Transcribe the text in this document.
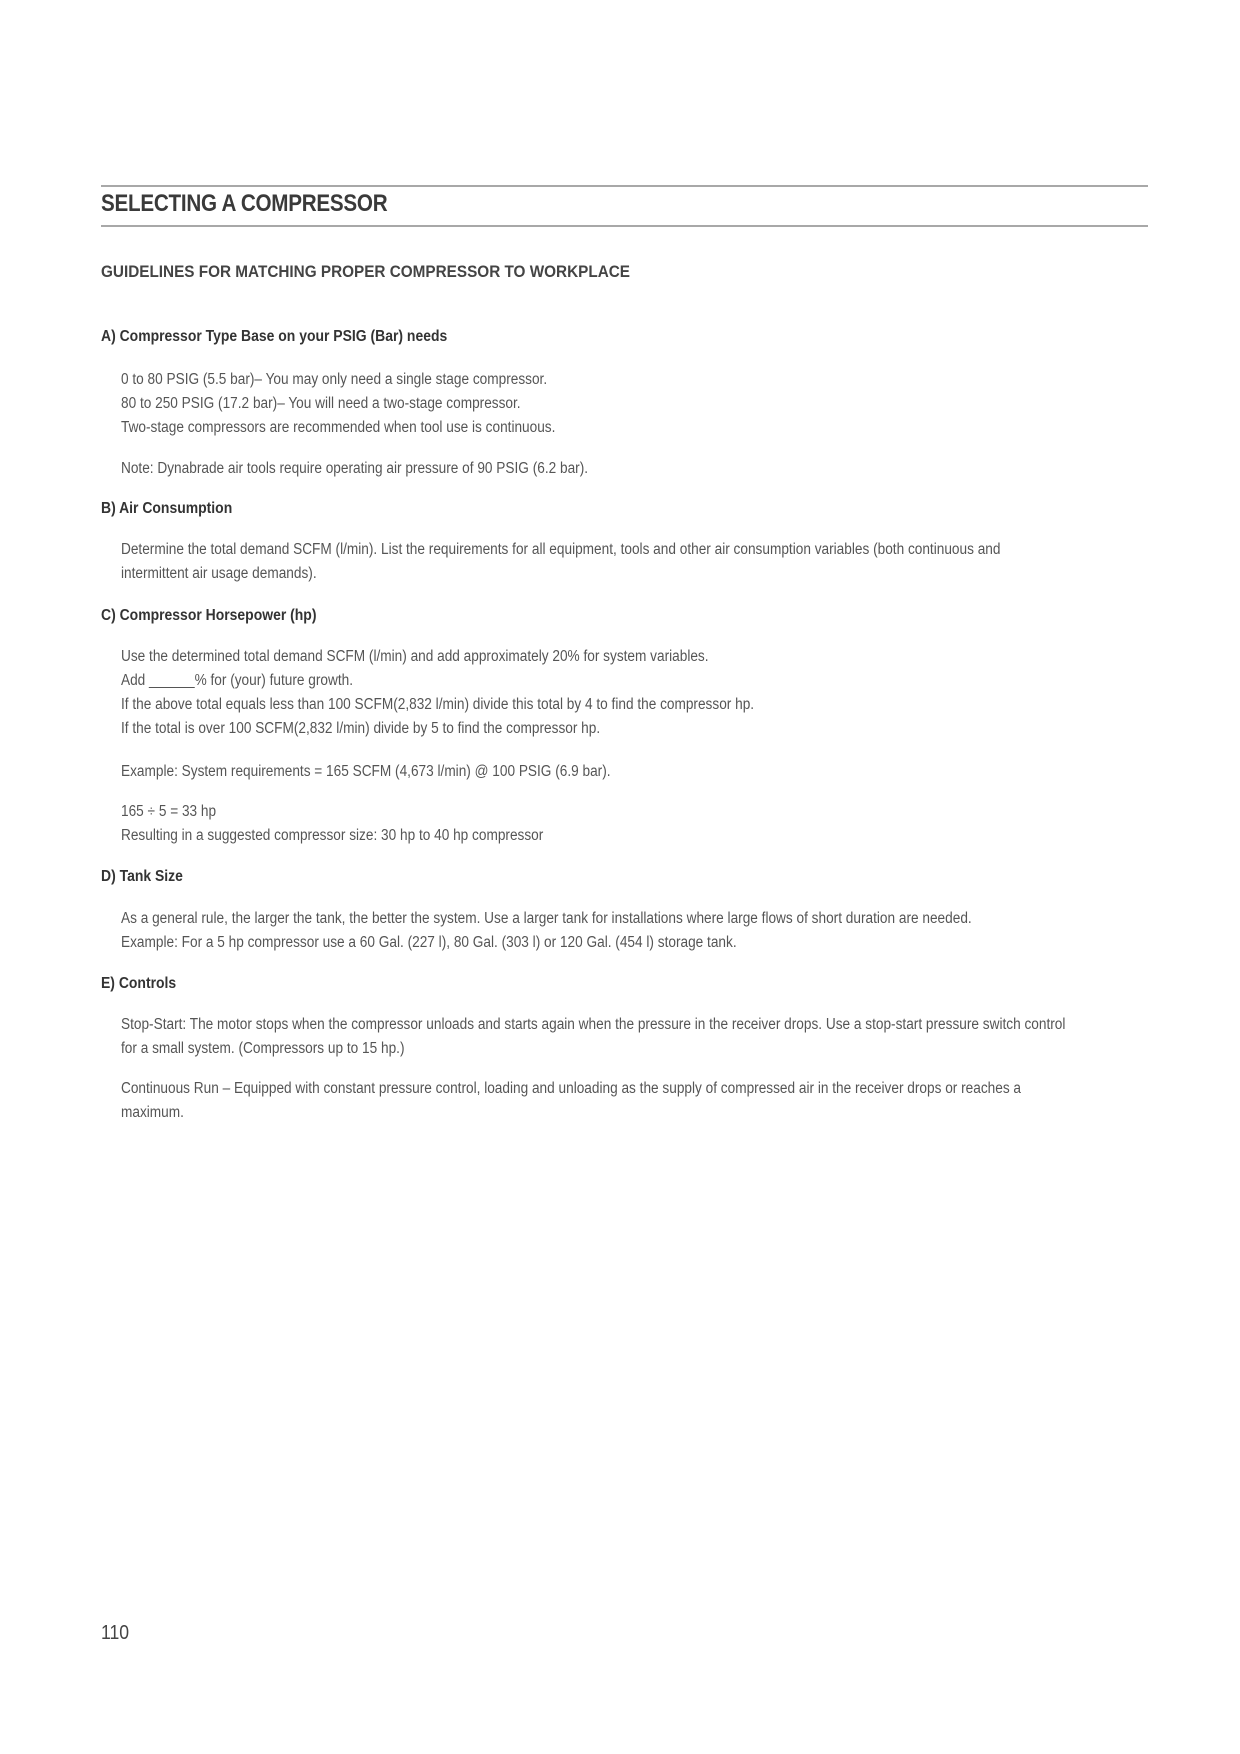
SELECTING A COMPRESSOR
GUIDELINES FOR MATCHING PROPER COMPRESSOR TO WORKPLACE
A) Compressor Type Base on your PSIG (Bar) needs
0 to 80 PSIG (5.5 bar)– You may only need a single stage compressor.
80 to 250 PSIG (17.2 bar)– You will need a two-stage compressor.
Two-stage compressors are recommended when tool use is continuous.
Note: Dynabrade air tools require operating air pressure of 90 PSIG (6.2 bar).
B) Air Consumption
Determine the total demand SCFM (l/min). List the requirements for all equipment, tools and other air consumption variables (both continuous and
intermittent air usage demands).
C) Compressor Horsepower (hp)
Use the determined total demand SCFM (l/min) and add approximately 20% for system variables.
Add ______% for (your) future growth.
If the above total equals less than 100 SCFM(2,832 l/min) divide this total by 4 to find the compressor hp.
If the total is over 100 SCFM(2,832 l/min) divide by 5 to find the compressor hp.
Example: System requirements = 165 SCFM (4,673 l/min) @ 100 PSIG (6.9 bar).
165 ÷ 5 = 33 hp
Resulting in a suggested compressor size: 30 hp to 40 hp compressor
D) Tank Size
As a general rule, the larger the tank, the better the system. Use a larger tank for installations where large flows of short duration are needed.
Example: For a 5 hp compressor use a 60 Gal. (227 l), 80 Gal. (303 l) or 120 Gal. (454 l) storage tank.
E) Controls
Stop-Start: The motor stops when the compressor unloads and starts again when the pressure in the receiver drops. Use a stop-start pressure switch control
for a small system. (Compressors up to 15 hp.)
Continuous Run – Equipped with constant pressure control, loading and unloading as the supply of compressed air in the receiver drops or reaches a
maximum.
110
